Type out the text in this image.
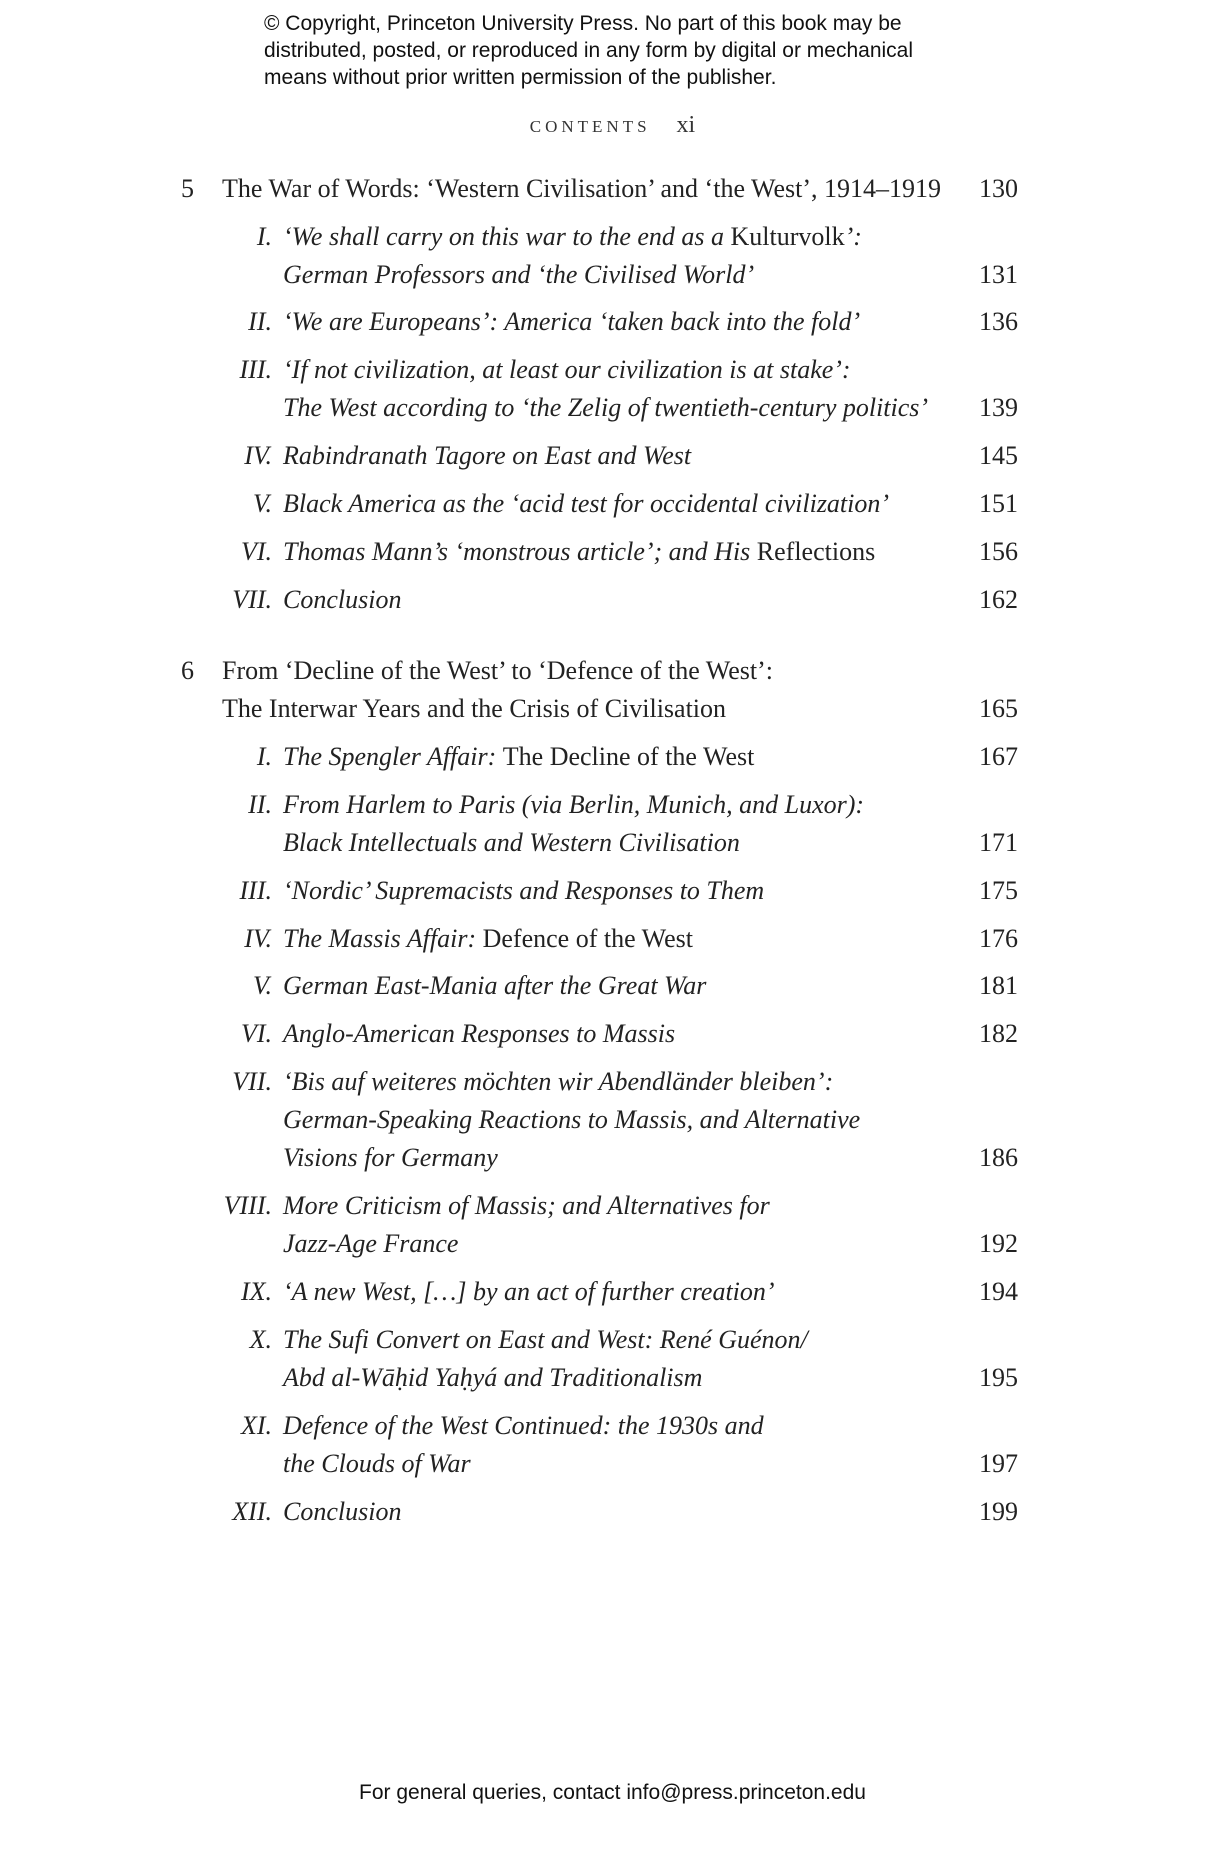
© Copyright, Princeton University Press. No part of this book may be
distributed, posted, or reproduced in any form by digital or mechanical
means without prior written permission of the publisher.
CONTENTS xi
5	The War of Words: ‘Western Civilisation’ and ‘the West’, 1914–1919	130
I. ‘We shall carry on this war to the end as a Kulturvolk’:
German Professors and ‘the Civilised World’	131
II. ‘We are Europeans’: America ‘taken back into the fold’	136
III. ‘If not civilization, at least our civilization is at stake’:
The West according to ‘the Zelig of twentieth-century politics’	139
IV. Rabindranath Tagore on East and West	145
V. Black America as the ‘acid test for occidental civilization’	151
VI. Thomas Mann’s ‘monstrous article’; and His Reflections	156
VII. Conclusion	162
6	From ‘Decline of the West’ to ‘Defence of the West’:
The Interwar Years and the Crisis of Civilisation	165
I. The Spengler Affair: The Decline of the West	167
II. From Harlem to Paris (via Berlin, Munich, and Luxor):
Black Intellectuals and Western Civilisation	171
III. ‘Nordic’ Supremacists and Responses to Them	175
IV. The Massis Affair: Defence of the West	176
V. German East-Mania after the Great War	181
VI. Anglo-American Responses to Massis	182
VII. ‘Bis auf weiteres möchten wir Abendländer bleiben’:
German-Speaking Reactions to Massis, and Alternative
Visions for Germany	186
VIII. More Criticism of Massis; and Alternatives for
Jazz-Age France	192
IX. ‘A new West, […] by an act of further creation’	194
X. The Sufi Convert on East and West: René Guénon/
Abd al-Wāḥid Yaḥyá and Traditionalism	195
XI. Defence of the West Continued: the 1930s and
the Clouds of War	197
XII. Conclusion	199
For general queries, contact info@press.princeton.edu
